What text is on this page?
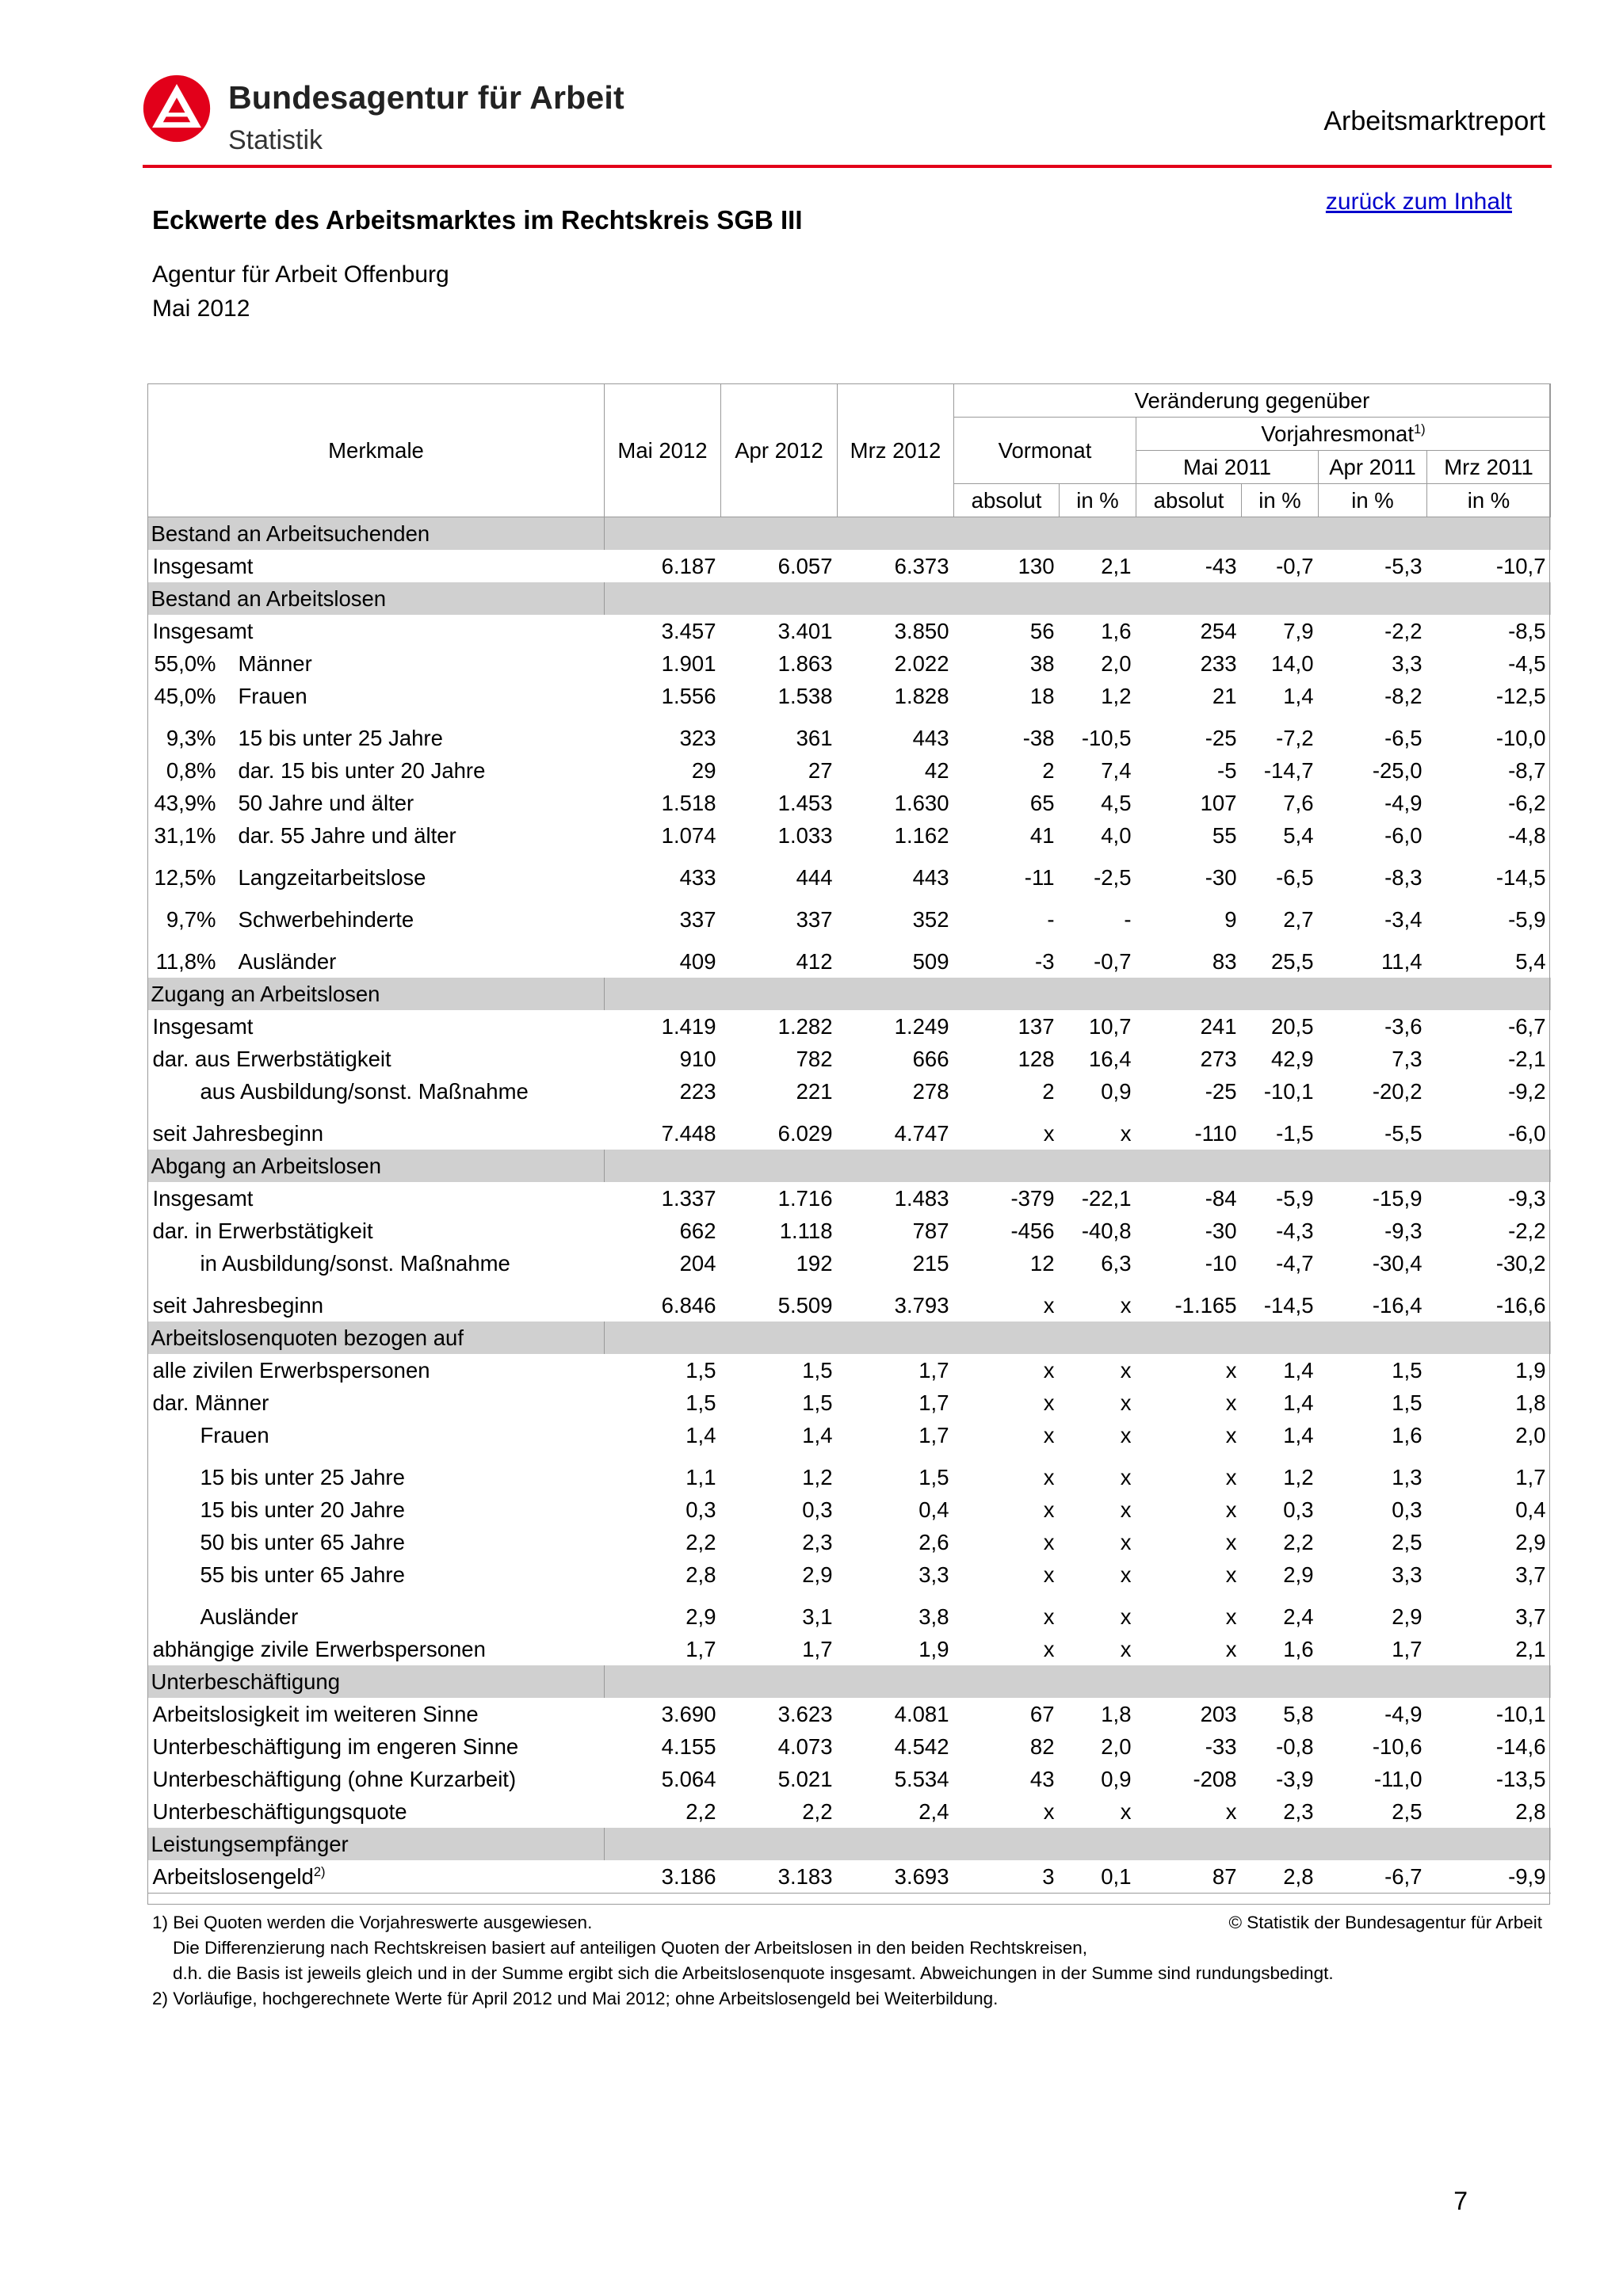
Bundesagentur für Arbeit
Statistik
Arbeitsmarktreport
zurück zum Inhalt
Eckwerte des Arbeitsmarktes im Rechtskreis SGB III
Agentur für Arbeit Offenburg
Mai 2012
Merkmale	Mai 2012	Apr 2012	Mrz 2012	Veränderung gegenüber					
				Vormonat		Vorjahresmonat$^{1)}$
						Mai 2011		Apr 2011	Mrz 2011
				absolut	in %	absolut	in %	in %	in %
Bestand an Arbeitsuchenden									
Insgesamt	6.187	6.057	6.373	130	2,1	-43	-0,7	-5,3	-10,7
Bestand an Arbeitslosen									
Insgesamt	3.457	3.401	3.850	56	1,6	254	7,9	-2,2	-8,5
55,0% Männer	1.901	1.863	2.022	38	2,0	233	14,0	3,3	-4,5
45,0% Frauen	1.556	1.538	1.828	18	1,2	21	1,4	-8,2	-12,5
9,3% 15 bis unter 25 Jahre	323	361	443	-38	-10,5	-25	-7,2	-6,5	-10,0
0,8% dar. 15 bis unter 20 Jahre	29	27	42	2	7,4	-5	-14,7	-25,0	-8,7
43,9% 50 Jahre und älter	1.518	1.453	1.630	65	4,5	107	7,6	-4,9	-6,2
31,1% dar. 55 Jahre und älter	1.074	1.033	1.162	41	4,0	55	5,4	-6,0	-4,8
12,5% Langzeitarbeitslose	433	444	443	-11	-2,5	-30	-6,5	-8,3	-14,5
9,7% Schwerbehinderte	337	337	352	-	-	9	2,7	-3,4	-5,9
11,8% Ausländer	409	412	509	-3	-0,7	83	25,5	11,4	5,4
Zugang an Arbeitslosen									
Insgesamt	1.419	1.282	1.249	137	10,7	241	20,5	-3,6	-6,7
dar. aus Erwerbstätigkeit	910	782	666	128	16,4	273	42,9	7,3	-2,1
aus Ausbildung/sonst. Maßnahme	223	221	278	2	0,9	-25	-10,1	-20,2	-9,2
seit Jahresbeginn	7.448	6.029	4.747	x	x	-110	-1,5	-5,5	-6,0
Abgang an Arbeitslosen									
Insgesamt	1.337	1.716	1.483	-379	-22,1	-84	-5,9	-15,9	-9,3
dar. in Erwerbstätigkeit	662	1.118	787	-456	-40,8	-30	-4,3	-9,3	-2,2
in Ausbildung/sonst. Maßnahme	204	192	215	12	6,3	-10	-4,7	-30,4	-30,2
seit Jahresbeginn	6.846	5.509	3.793	x	x	-1.165	-14,5	-16,4	-16,6
Arbeitslosenquoten bezogen auf									
alle zivilen Erwerbspersonen	1,5	1,5	1,7	x	x	x	1,4	1,5	1,9
dar. Männer	1,5	1,5	1,7	x	x	x	1,4	1,5	1,8
Frauen	1,4	1,4	1,7	x	x	x	1,4	1,6	2,0
15 bis unter 25 Jahre	1,1	1,2	1,5	x	x	x	1,2	1,3	1,7
15 bis unter 20 Jahre	0,3	0,3	0,4	x	x	x	0,3	0,3	0,4
50 bis unter 65 Jahre	2,2	2,3	2,6	x	x	x	2,2	2,5	2,9
55 bis unter 65 Jahre	2,8	2,9	3,3	x	x	x	2,9	3,3	3,7
Ausländer	2,9	3,1	3,8	x	x	x	2,4	2,9	3,7
abhängige zivile Erwerbspersonen	1,7	1,7	1,9	x	x	x	1,6	1,7	2,1
Unterbeschäftigung									
Arbeitslosigkeit im weiteren Sinne	3.690	3.623	4.081	67	1,8	203	5,8	-4,9	-10,1
Unterbeschäftigung im engeren Sinne	4.155	4.073	4.542	82	2,0	-33	-0,8	-10,6	-14,6
Unterbeschäftigung (ohne Kurzarbeit)	5.064	5.021	5.534	43	0,9	-208	-3,9	-11,0	-13,5
Unterbeschäftigungsquote	2,2	2,2	2,4	x	x	x	2,3	2,5	2,8
Leistungsempfänger									
Arbeitslosengeld$^{2)}$	3.186	3.183	3.693	3	0,1	87	2,8	-6,7	-9,9
1) Bei Quoten werden die Vorjahreswerte ausgewiesen.
Die Differenzierung nach Rechtskreisen basiert auf anteiligen Quoten der Arbeitslosen in den beiden Rechtskreisen,
d.h. die Basis ist jeweils gleich und in der Summe ergibt sich die Arbeitslosenquote insgesamt. Abweichungen in der Summe sind rundungsbedingt.
2) Vorläufige, hochgerechnete Werte für April 2012 und Mai 2012; ohne Arbeitslosengeld bei Weiterbildung.
© Statistik der Bundesagentur für Arbeit
7
